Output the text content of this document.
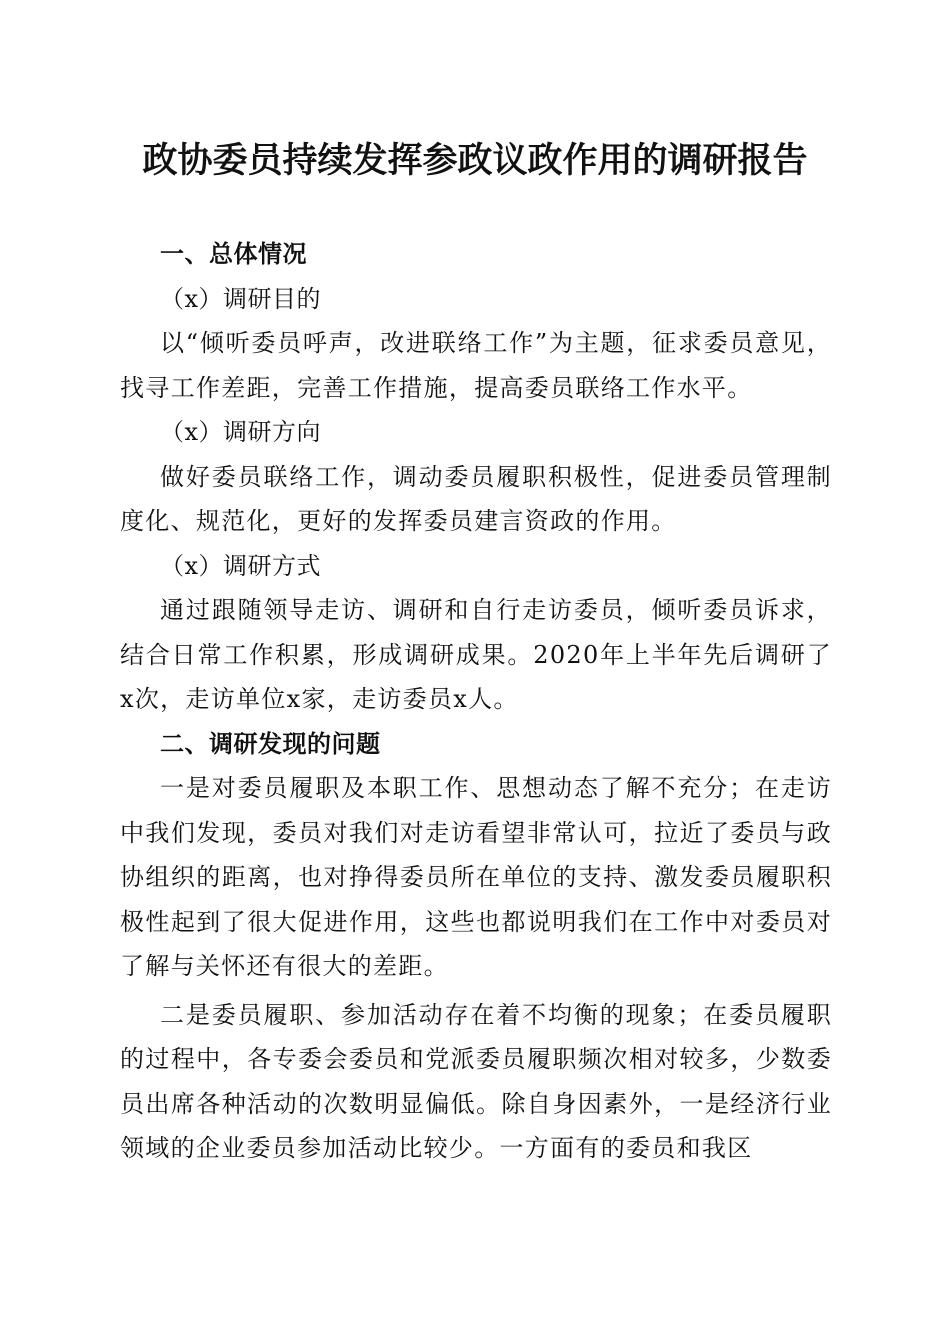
政协委员持续发挥参政议政作用的调研报告

一、总体情况

（x）调研目的

以“倾听委员呼声，改进联络工作”为主题，征求委员意见，找寻工作差距，完善工作措施，提高委员联络工作水平。

（x）调研方向

做好委员联络工作，调动委员履职积极性，促进委员管理制度化、规范化，更好的发挥委员建言资政的作用。

（x）调研方式

通过跟随领导走访、调研和自行走访委员，倾听委员诉求，结合日常工作积累，形成调研成果。2020年上半年先后调研了x次，走访单位x家，走访委员x人。

二、调研发现的问题

一是对委员履职及本职工作、思想动态了解不充分；在走访中我们发现，委员对我们对走访看望非常认可，拉近了委员与政协组织的距离，也对挣得委员所在单位的支持、激发委员履职积极性起到了很大促进作用，这些也都说明我们在工作中对委员对了解与关怀还有很大的差距。

二是委员履职、参加活动存在着不均衡的现象；在委员履职的过程中，各专委会委员和党派委员履职频次相对较多，少数委员出席各种活动的次数明显偏低。除自身因素外，一是经济行业领域的企业委员参加活动比较少。一方面有的委员和我区
